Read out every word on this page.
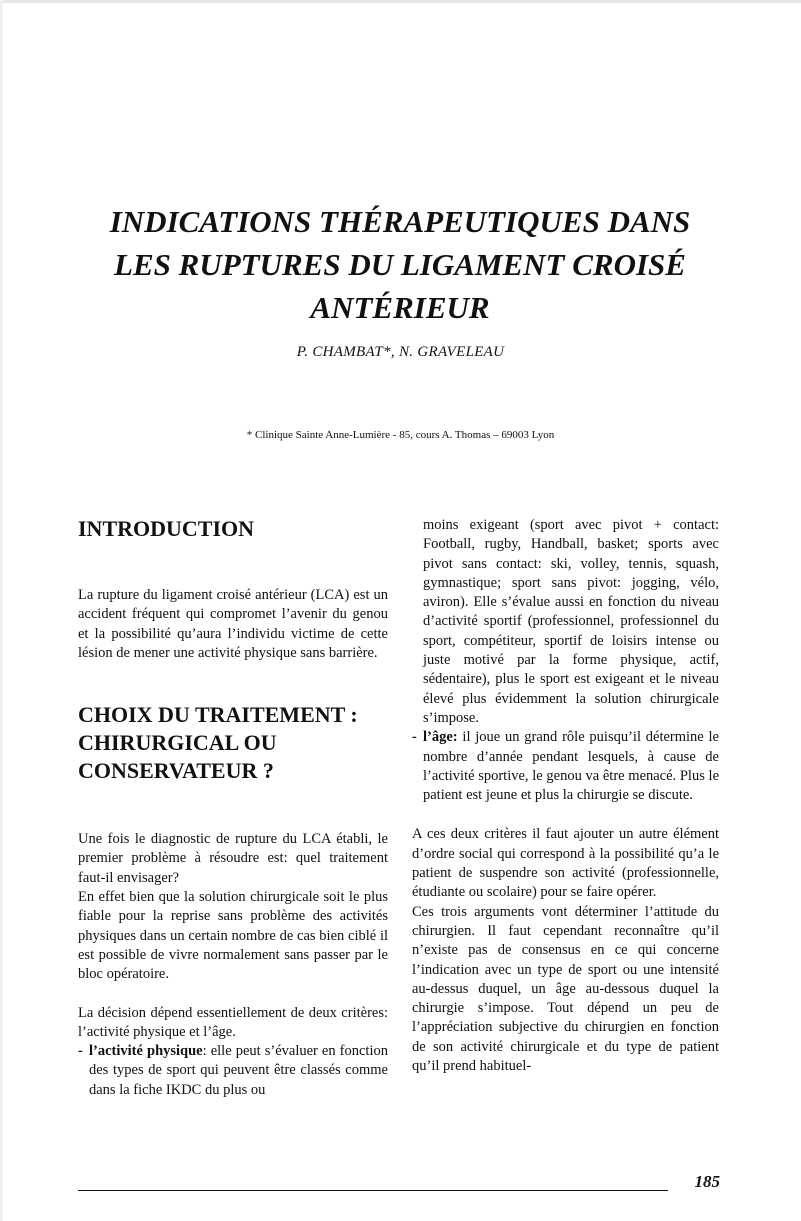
INDICATIONS THÉRAPEUTIQUES DANS
LES RUPTURES DU LIGAMENT CROISÉ
ANTÉRIEUR
P. CHAMBAT*, N. GRAVELEAU
* Clinique Sainte Anne-Lumière - 85, cours A. Thomas – 69003 Lyon
INTRODUCTION

La rupture du ligament croisé antérieur (LCA) est un accident fréquent qui compromet l’avenir du genou et la possibilité qu’aura l’individu victime de cette lésion de mener une activité physique sans barrière.

CHOIX DU TRAITEMENT :
CHIRURGICAL OU
CONSERVATEUR ?

Une fois le diagnostic de rupture du LCA établi, le premier problème à résoudre est: quel traitement faut-il envisager?

En effet bien que la solution chirurgicale soit le plus fiable pour la reprise sans problème des activités physiques dans un certain nombre de cas bien ciblé il est possible de vivre normalement sans passer par le bloc opératoire.

La décision dépend essentiellement de deux critères: l’activité physique et l’âge.

- l’activité physique: elle peut s’évaluer en fonction des types de sport qui peuvent être classés comme dans la fiche IKDC du plus ou

moins exigeant (sport avec pivot + contact: Football, rugby, Handball, basket; sports avec pivot sans contact: ski, volley, tennis, squash, gymnastique; sport sans pivot: jogging, vélo, aviron). Elle s’évalue aussi en fonction du niveau d’activité sportif (professionnel, professionnel du sport, compétiteur, sportif de loisirs intense ou juste motivé par la forme physique, actif, sédentaire), plus le sport est exigeant et le niveau élevé plus évidemment la solution chirurgicale s’impose.

- l’âge: il joue un grand rôle puisqu’il détermine le nombre d’année pendant lesquels, à cause de l’activité sportive, le genou va être menacé. Plus le patient est jeune et plus la chirurgie se discute.

A ces deux critères il faut ajouter un autre élément d’ordre social qui correspond à la possibilité qu’a le patient de suspendre son activité (professionnelle, étudiante ou scolaire) pour se faire opérer.

Ces trois arguments vont déterminer l’attitude du chirurgien. Il faut cependant reconnaître qu’il n’existe pas de consensus en ce qui concerne l’indication avec un type de sport ou une intensité au-dessus duquel, un âge au-dessous duquel la chirurgie s’impose. Tout dépend un peu de l’appréciation subjective du chirurgien en fonction de son activité chirurgicale et du type de patient qu’il prend habituel-

185
